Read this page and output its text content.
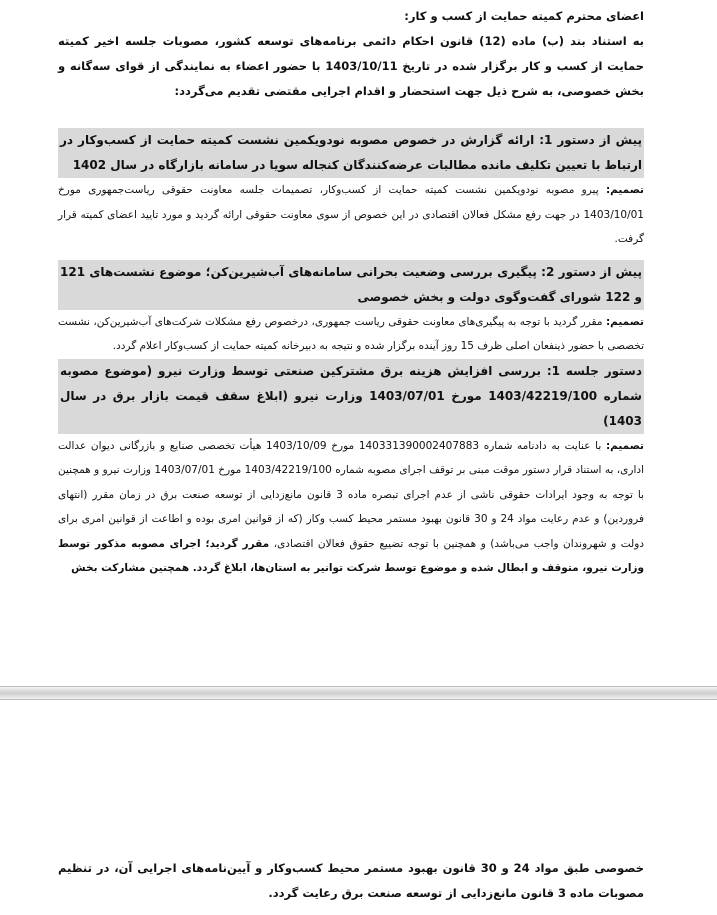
اعضای محترم کمیته حمایت از کسب و کار:

به استناد بند (ب) ماده (12) قانون احکام دائمی برنامه‌های توسعه کشور، مصوبات جلسه اخیر کمیته حمایت از کسب و کار برگزار شده در تاریخ 1403/10/11 با حضور اعضاء به نمایندگی از قوای سه‌گانه و بخش خصوصی، به شرح ذیل جهت استحضار و اقدام اجرایی مقتضی تقدیم می‌گردد:

پیش از دستور 1: ارائه گزارش در خصوص مصوبه نودویکمین نشست کمیته حمایت از کسب‌وکار در ارتباط با تعیین تکلیف مانده مطالبات عرضه‌کنندگان کنجاله سویا در سامانه بازارگاه در سال 1402

تصمیم: پیرو مصوبه نودویکمین نشست کمیته حمایت از کسب‌وکار، تصمیمات جلسه معاونت حقوقی ریاست‌جمهوری مورخ 1403/10/01 در جهت رفع مشکل فعالان اقتصادی در این خصوص از سوی معاونت حقوقی ارائه گردید و مورد تایید اعضای کمیته قرار گرفت.

پیش از دستور 2: پیگیری بررسی وضعیت بحرانی سامانه‌های آب‌شیرین‌کن؛ موضوع نشست‌های 121 و 122 شورای گفت‌وگوی دولت و بخش خصوصی

تصمیم: مقرر گردید با توجه به پیگیری‌های معاونت حقوقی ریاست جمهوری، درخصوص رفع مشکلات شرکت‌های آب‌شیرین‌کن، نشست تخصصی با حضور ذینفعان اصلی ظرف 15 روز آینده برگزار شده و نتیجه به دبیرخانه کمیته حمایت از کسب‌وکار اعلام گردد.

دستور جلسه 1: بررسی افزایش هزینه برق مشترکین صنعتی توسط وزارت نیرو (موضوع مصوبه شماره 1403/42219/100 مورخ 1403/07/01 وزارت نیرو (ابلاغ سقف قیمت بازار برق در سال 1403)

تصمیم: با عنایت به دادنامه شماره 140331390002407883 مورخ 1403/10/09 هیأت تخصصی صنایع و بازرگانی دیوان عدالت اداری، به استناد قرار دستور موقت مبنی بر توقف اجرای مصوبه شماره 1403/42219/100 مورخ 1403/07/01 وزارت نیرو و همچنین با توجه به وجود ایرادات حقوقی ناشی از عدم اجرای تبصره ماده 3 قانون مانع‌زدایی از توسعه صنعت برق در زمان مقرر (انتهای فروردین) و عدم رعایت مواد 24 و 30 قانون بهبود مستمر محیط کسب وکار (که از قوانین امری بوده و اطاعت از قوانین امری برای دولت و شهروندان واجب می‌باشد) و همچنین با توجه تضییع حقوق فعالان اقتصادی، مقرر گردید؛ اجرای مصوبه مذکور توسط وزارت نیرو، متوقف و ابطال شده و موضوع توسط شرکت توانیر به استان‌ها، ابلاغ گردد. همچنین مشارکت بخش

خصوصی طبق مواد 24 و 30 قانون بهبود مستمر محیط کسب‌وکار و آیین‌نامه‌های اجرایی آن، در تنظیم مصوبات ماده 3 قانون مانع‌زدایی از توسعه صنعت برق رعایت گردد.
